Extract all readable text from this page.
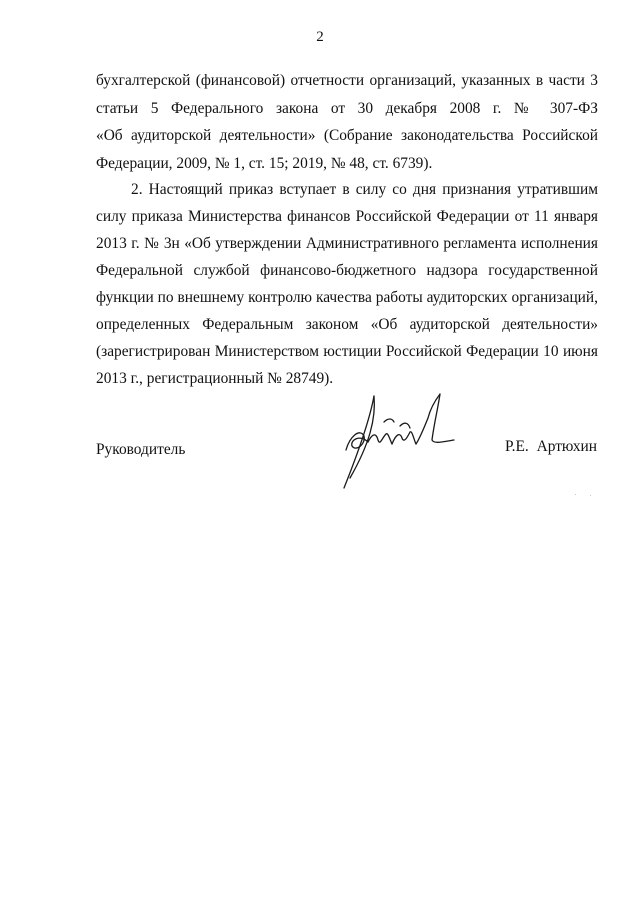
2
бухгалтерской (финансовой) отчетности организаций, указанных в части 3
статьи 5 Федерального закона от 30 декабря 2008 г. № 307-ФЗ
«Об аудиторской деятельности» (Собрание законодательства Российской
Федерации, 2009, № 1, ст. 15; 2019, № 48, ст. 6739).
2. Настоящий приказ вступает в силу со дня признания утратившим
силу приказа Министерства финансов Российской Федерации от 11 января
2013 г. № 3н «Об утверждении Административного регламента исполнения
Федеральной службой финансово-бюджетного надзора государственной
функции по внешнему контролю качества работы аудиторских организаций,
определенных Федеральным законом «Об аудиторской деятельности»
(зарегистрирован Министерством юстиции Российской Федерации 10 июня
2013 г., регистрационный № 28749).
Руководитель	Р.Е. Артюхин
